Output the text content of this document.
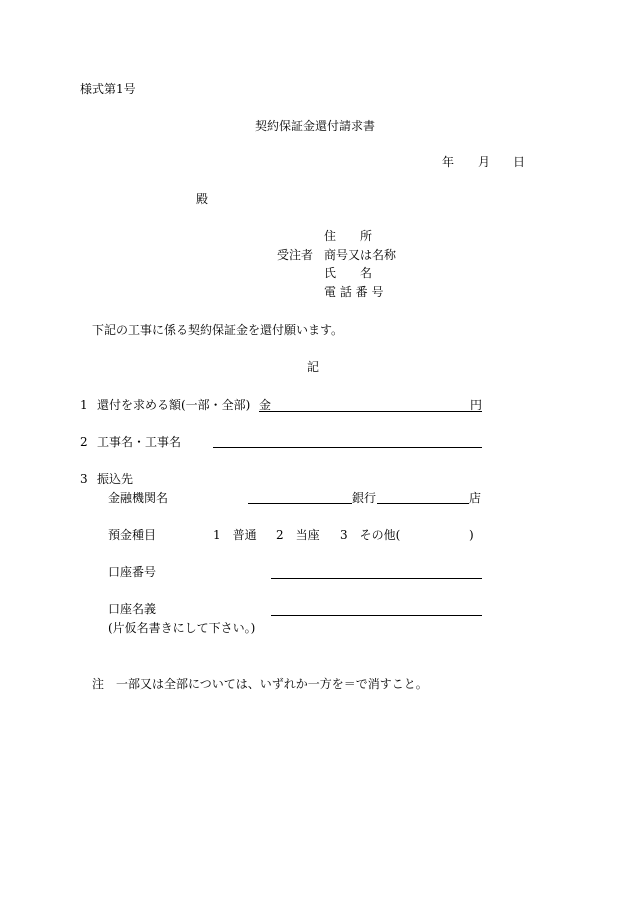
様式第1号
契約保証金還付請求書
年 月 日
殿
受注者
住　　所
商号又は名称
氏　　名
電 話 番 号
下記の工事に係る契約保証金を還付願います。
記
1 還付を求める額(一部・全部) 金	円
2 工事名・工事名
3 振込先
金融機関名	銀行	店
預金種目	1　普通 2　当座 3　その他(	)
口座番号
口座名義
(片仮名書きにして下さい。)
注　一部又は全部については、いずれか一方を＝で消すこと。
